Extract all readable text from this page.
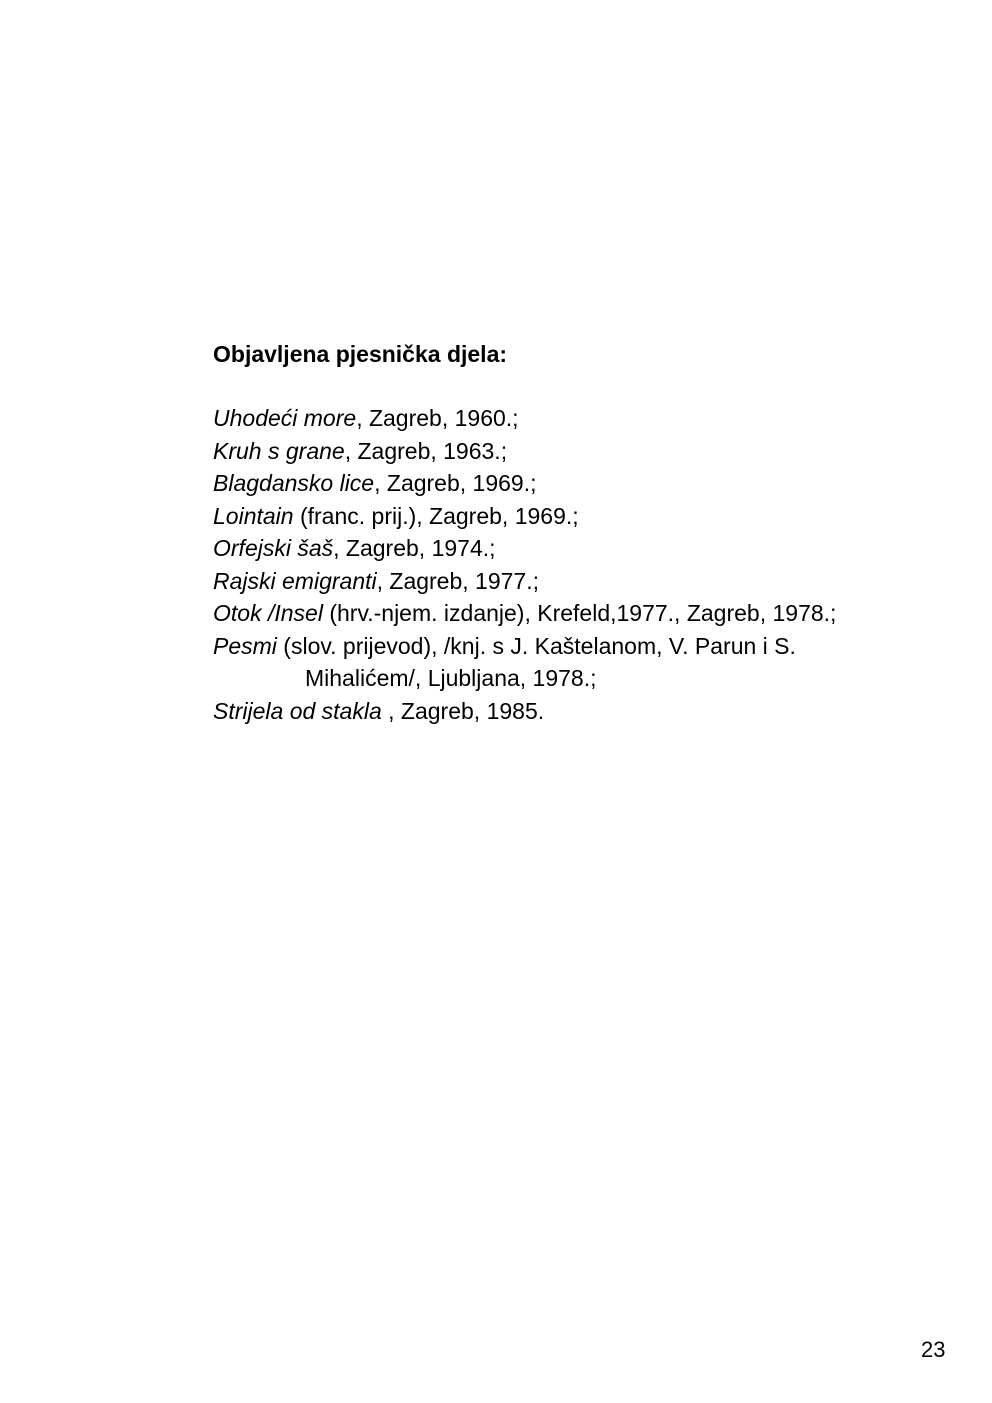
Objavljena pjesnička djela:
Uhodeći more, Zagreb, 1960.;
Kruh s grane, Zagreb, 1963.;
Blagdansko lice, Zagreb, 1969.;
Lointain (franc. prij.), Zagreb, 1969.;
Orfejski šaš, Zagreb, 1974.;
Rajski emigranti, Zagreb, 1977.;
Otok /Insel (hrv.-njem. izdanje), Krefeld,1977., Zagreb, 1978.;
Pesmi (slov. prijevod), /knj. s J. Kaštelanom, V. Parun i S. Mihalićem/, Ljubljana, 1978.;
Strijela od stakla , Zagreb, 1985.
23
